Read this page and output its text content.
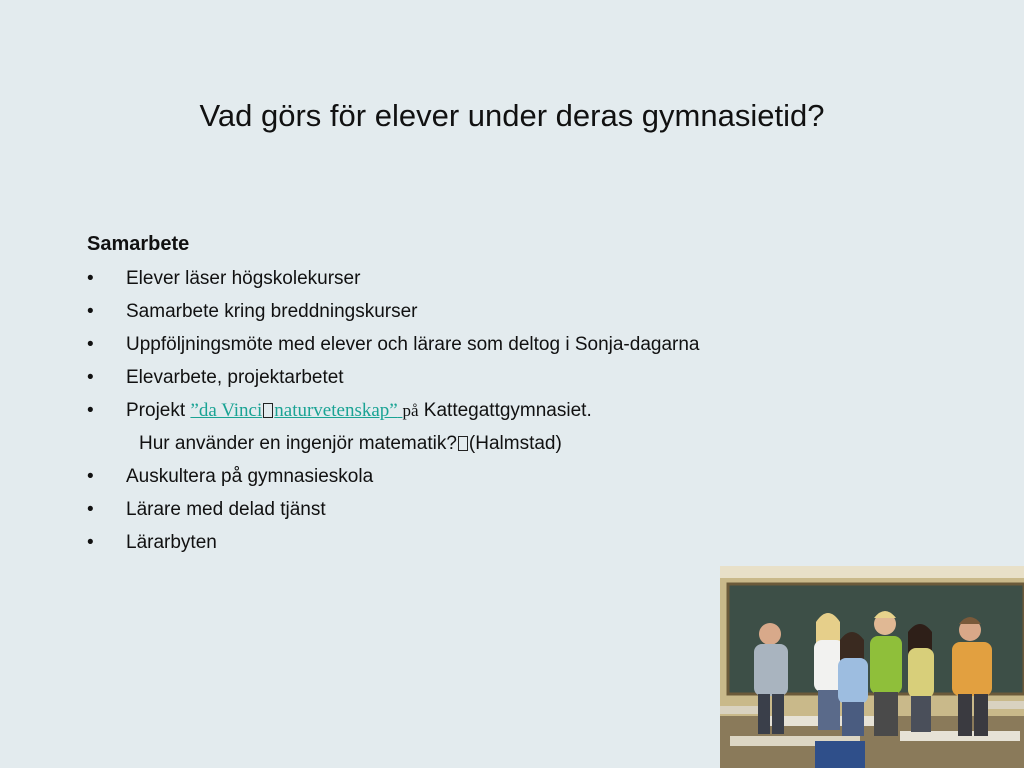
Vad görs för elever under deras gymnasietid?
Samarbete
• Elever läser högskolekurser
• Samarbete kring breddningskurser
• Uppföljningsmöte med elever och lärare som deltog i Sonja-dagarna
• Elevarbete, projektarbetet
• Projekt ”da Vinci naturvetenskap” på Kattegattgymnasiet.
Hur använder en ingenjör matematik? (Halmstad)
• Auskultera på gymnasieskola
• Lärare med delad tjänst
• Lärarbyten
